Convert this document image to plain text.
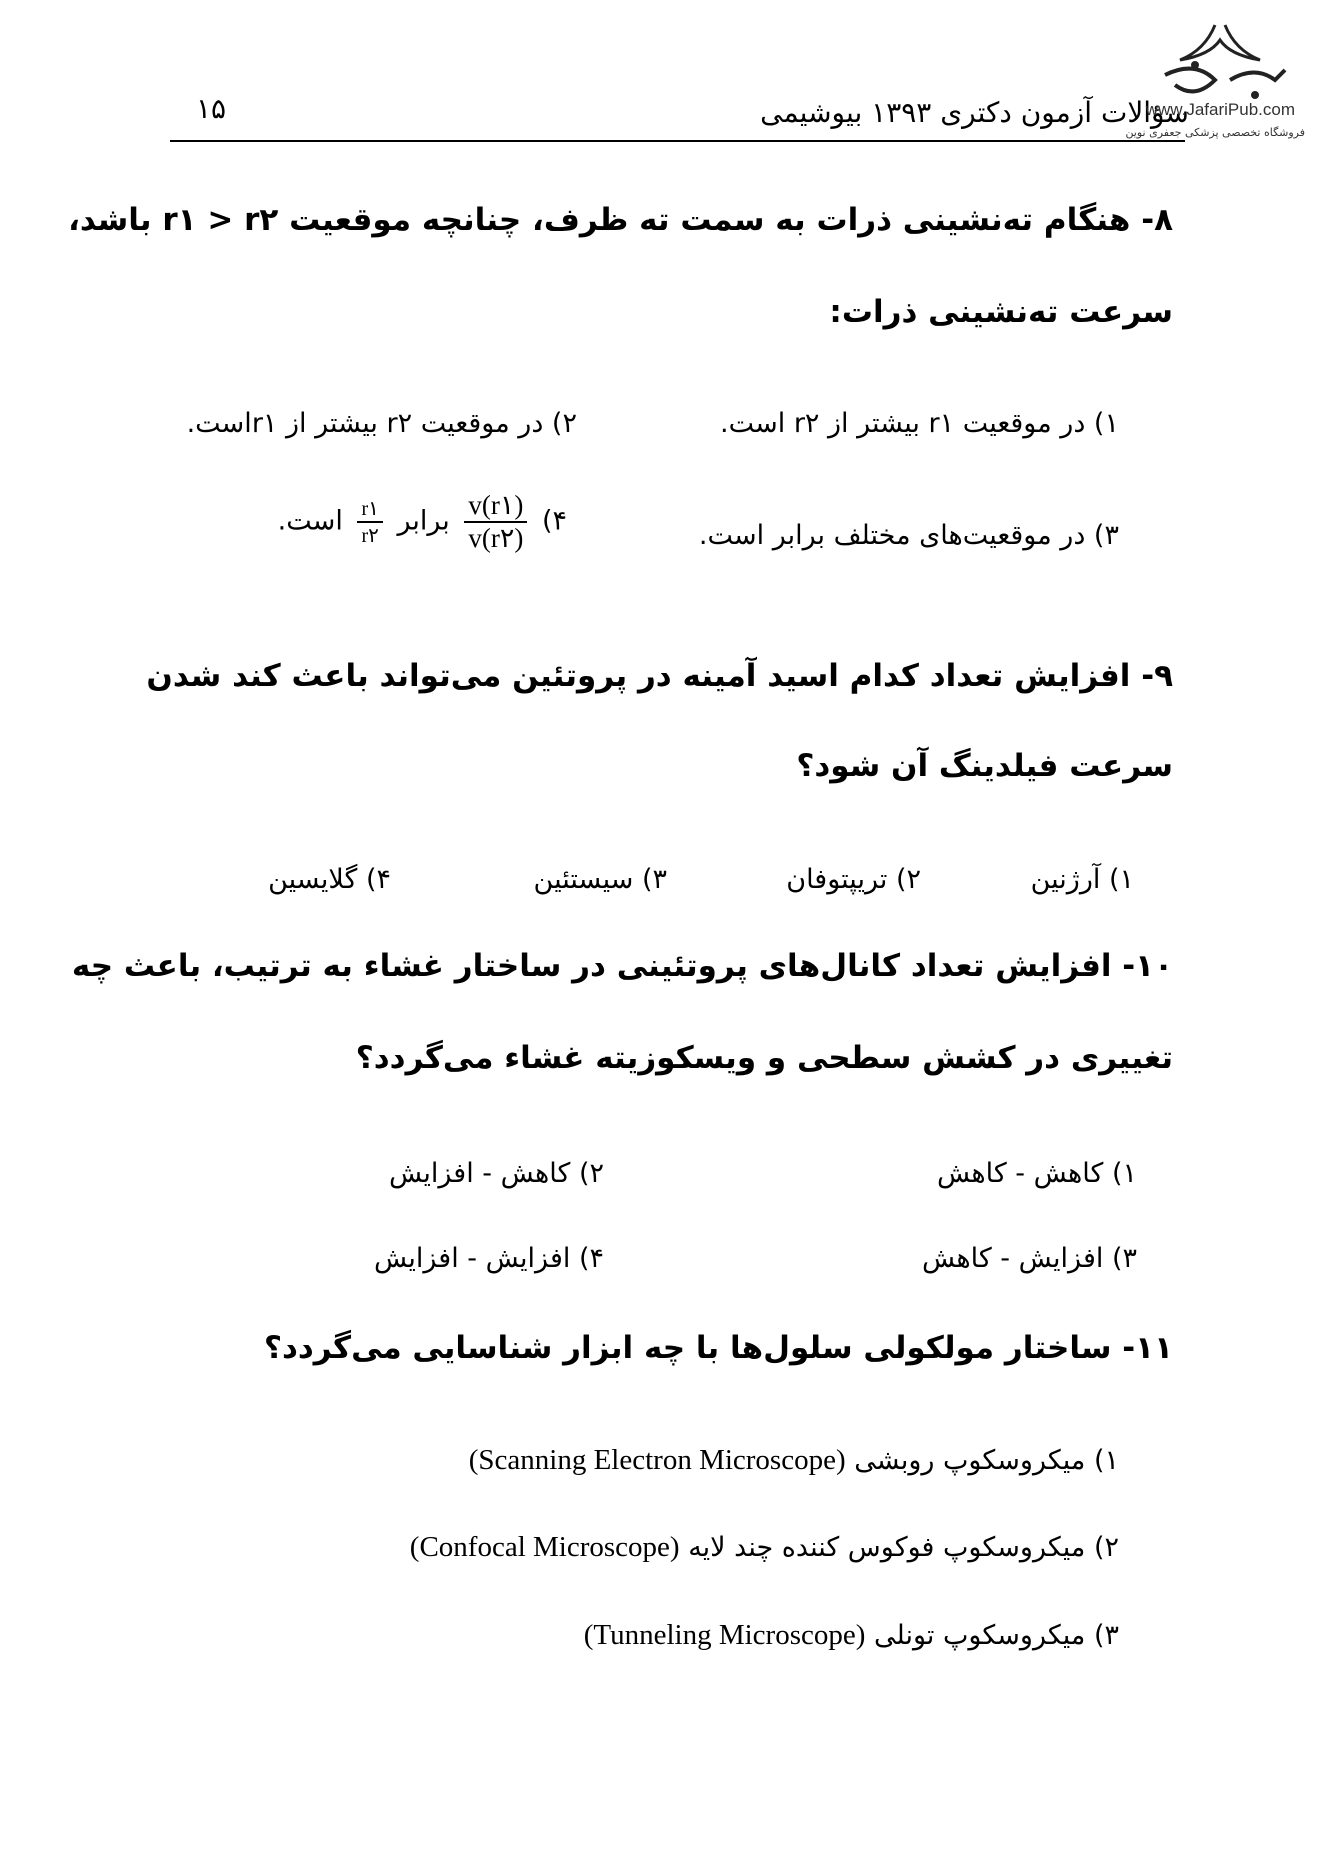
۱۵	سؤالات آزمون دکتری ۱۳۹۳ بیوشیمی
www.JafariPub.com
فروشگاه تخصصی پزشکی جعفری نوین
۸- هنگام ته‌نشینی ذرات به سمت ته ظرف، چنانچه موقعیت r۱ > r۲ باشد،
سرعت ته‌نشینی ذرات:
۱) در موقعیت r۱ بیشتر از r۲ است.
۲) در موقعیت r۲ بیشتر از r۱است.
۳) در موقعیت‌های مختلف برابر است.
۴)
$\frac{v(r۱)}{v(r۲)}$
برابر
$\frac{r۱}{r۲}$
است.
۹- افزایش تعداد کدام اسید آمینه در پروتئین می‌تواند باعث کند شدن
سرعت فیلدینگ آن شود؟
۱) آرژنین
۲) تریپتوفان
۳) سیستئین
۴) گلایسین
۱۰- افزایش تعداد کانال‌های پروتئینی در ساختار غشاء به ترتیب، باعث چه
تغییری در کشش سطحی و ویسکوزیته غشاء می‌گردد؟
۱) کاهش - کاهش
۲) کاهش - افزایش
۳) افزایش - کاهش
۴) افزایش - افزایش
۱۱- ساختار مولکولی سلول‌ها با چه ابزار شناسایی می‌گردد؟
۱) میکروسکوپ روبشی (Scanning Electron Microscope)
۲) میکروسکوپ فوکوس کننده چند لایه (Confocal Microscope)
۳) میکروسکوپ تونلی (Tunneling Microscope)
